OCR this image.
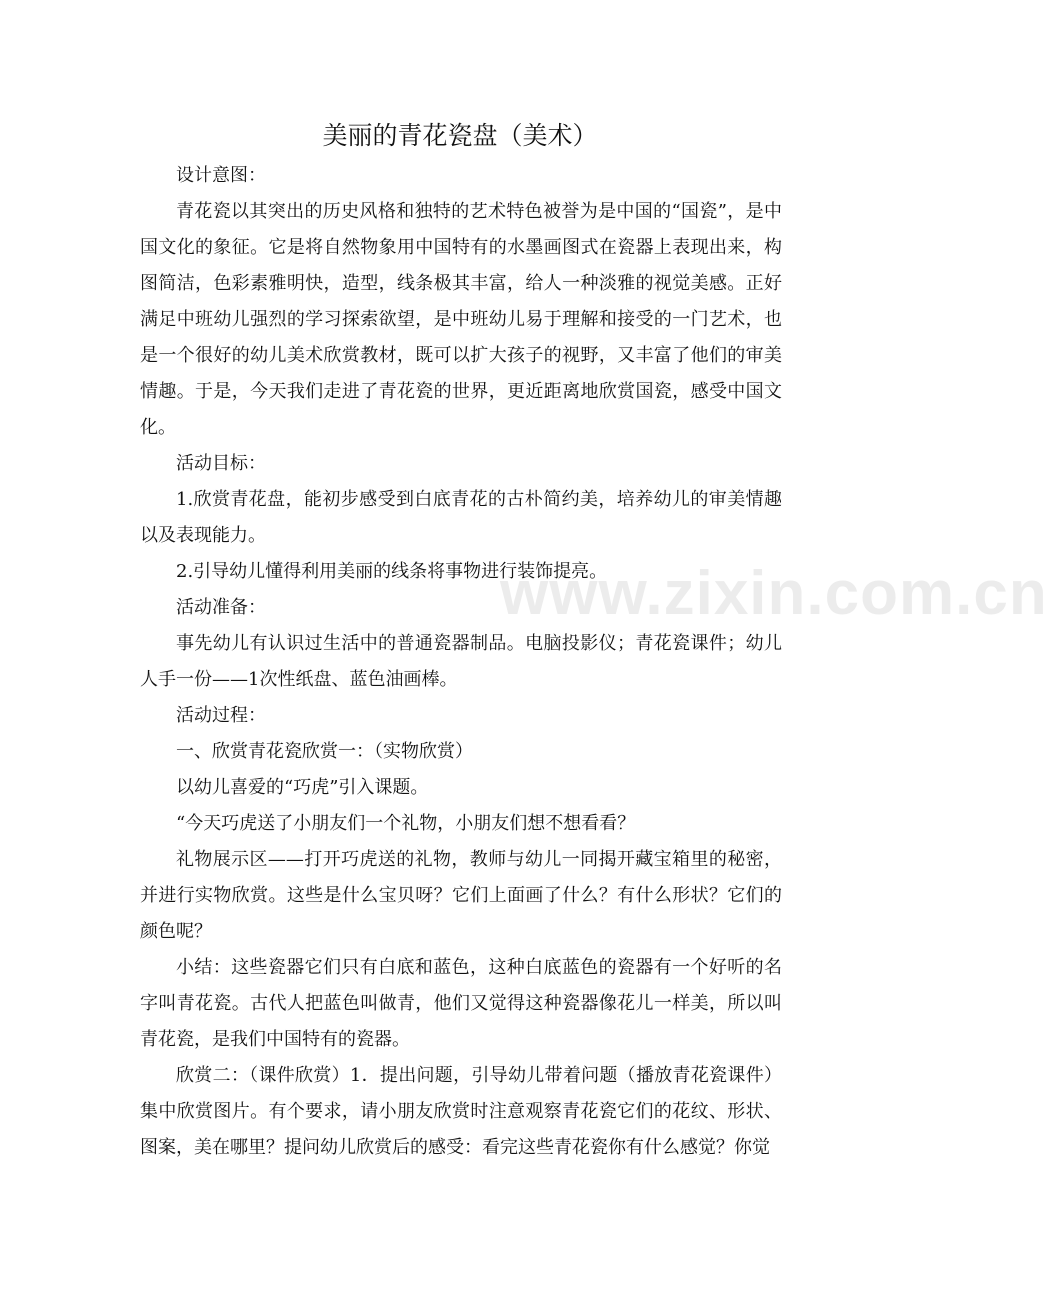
www.zixin.com.cn
美丽的青花瓷盘（美术）

设计意图：

青花瓷以其突出的历史风格和独特的艺术特色被誉为是中国的“国瓷”，是中国文化的象征。它是将自然物象用中国特有的水墨画图式在瓷器上表现出来，构图简洁，色彩素雅明快，造型，线条极其丰富，给人一种淡雅的视觉美感。正好满足中班幼儿强烈的学习探索欲望，是中班幼儿易于理解和接受的一门艺术，也是一个很好的幼儿美术欣赏教材，既可以扩大孩子的视野，又丰富了他们的审美情趣。于是，今天我们走进了青花瓷的世界，更近距离地欣赏国瓷，感受中国文化。

活动目标：

1.欣赏青花盘，能初步感受到白底青花的古朴简约美，培养幼儿的审美情趣以及表现能力。

2.引导幼儿懂得利用美丽的线条将事物进行装饰提亮。

活动准备：

事先幼儿有认识过生活中的普通瓷器制品。电脑投影仪；青花瓷课件；幼儿人手一份——1次性纸盘、蓝色油画棒。

活动过程：

一、欣赏青花瓷欣赏一：（实物欣赏）

以幼儿喜爱的“巧虎”引入课题。

“今天巧虎送了小朋友们一个礼物，小朋友们想不想看看？

礼物展示区——打开巧虎送的礼物，教师与幼儿一同揭开藏宝箱里的秘密，并进行实物欣赏。这些是什么宝贝呀？它们上面画了什么？有什么形状？它们的颜色呢？

小结：这些瓷器它们只有白底和蓝色，这种白底蓝色的瓷器有一个好听的名字叫青花瓷。古代人把蓝色叫做青，他们又觉得这种瓷器像花儿一样美，所以叫青花瓷，是我们中国特有的瓷器。

欣赏二：（课件欣赏）1．提出问题，引导幼儿带着问题（播放青花瓷课件）集中欣赏图片。有个要求，请小朋友欣赏时注意观察青花瓷它们的花纹、形状、图案，美在哪里？提问幼儿欣赏后的感受：看完这些青花瓷你有什么感觉？你觉
